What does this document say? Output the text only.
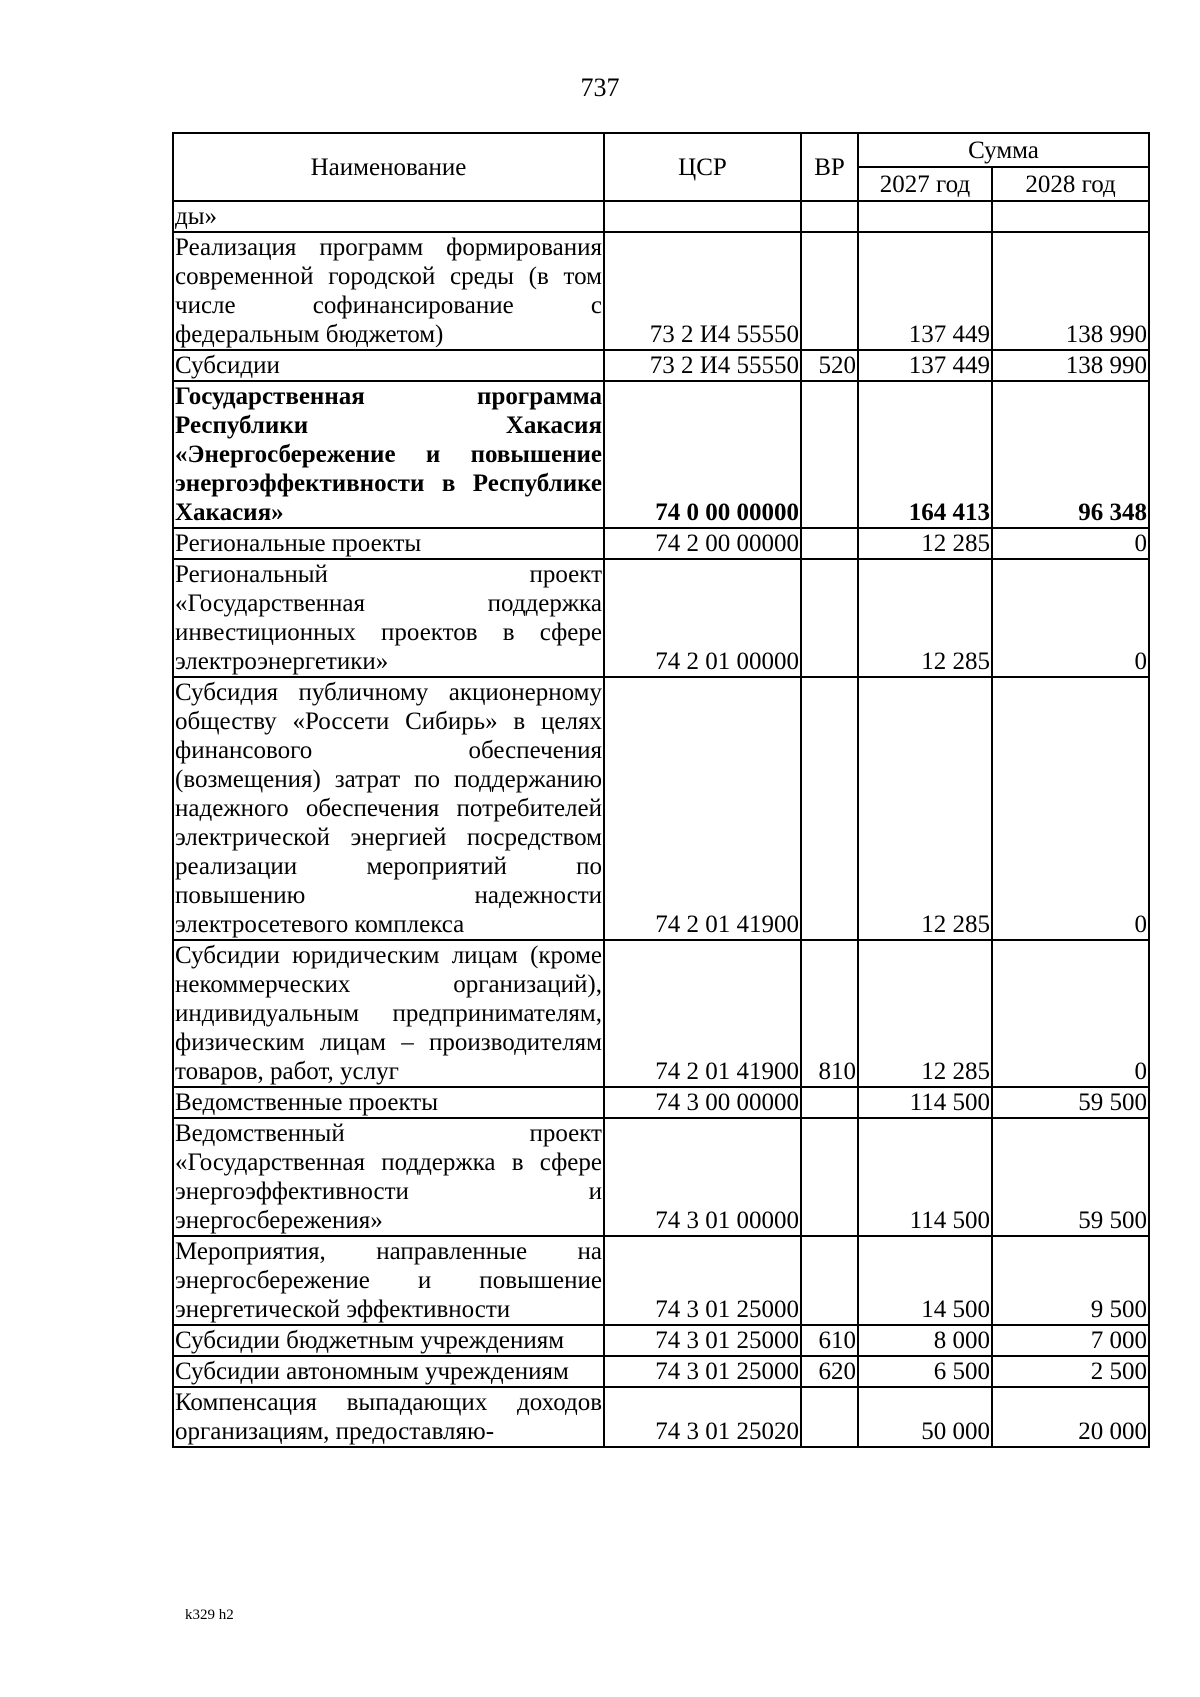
737
Наименование	ЦСР	ВР	Сумма	
			2027 год	2028 год
ды»				
Реализация программ формирования современной городской среды (в том числе софинансирование с федеральным бюджетом)	73 2 И4 55550		137 449	138 990
Субсидии	73 2 И4 55550	520	137 449	138 990
Государственная программа Республики Хакасия «Энергосбережение и повышение энергоэффективности в Республике Хакасия»	74 0 00 00000		164 413	96 348
Региональные проекты	74 2 00 00000		12 285	0
Региональный проект «Государственная поддержка инвестиционных проектов в сфере электроэнергетики»	74 2 01 00000		12 285	0
Субсидия публичному акционерному обществу «Россети Сибирь» в целях финансового обеспечения (возмещения) затрат по поддержанию надежного обеспечения потребителей электрической энергией посредством реализации мероприятий по повышению надежности электросетевого комплекса	74 2 01 41900		12 285	0
Субсидии юридическим лицам (кроме некоммерческих организаций), индивидуальным предпринимателям, физическим лицам – производителям товаров, работ, услуг	74 2 01 41900	810	12 285	0
Ведомственные проекты	74 3 00 00000		114 500	59 500
Ведомственный проект «Государственная поддержка в сфере энергоэффективности и энергосбережения»	74 3 01 00000		114 500	59 500
Мероприятия, направленные на энергосбережение и повышение энергетической эффективности	74 3 01 25000		14 500	9 500
Субсидии бюджетным учреждениям	74 3 01 25000	610	8 000	7 000
Субсидии автономным учреждениям	74 3 01 25000	620	6 500	2 500
Компенсация выпадающих доходов организациям, предоставляю-	74 3 01 25020		50 000	20 000
k329 h2
